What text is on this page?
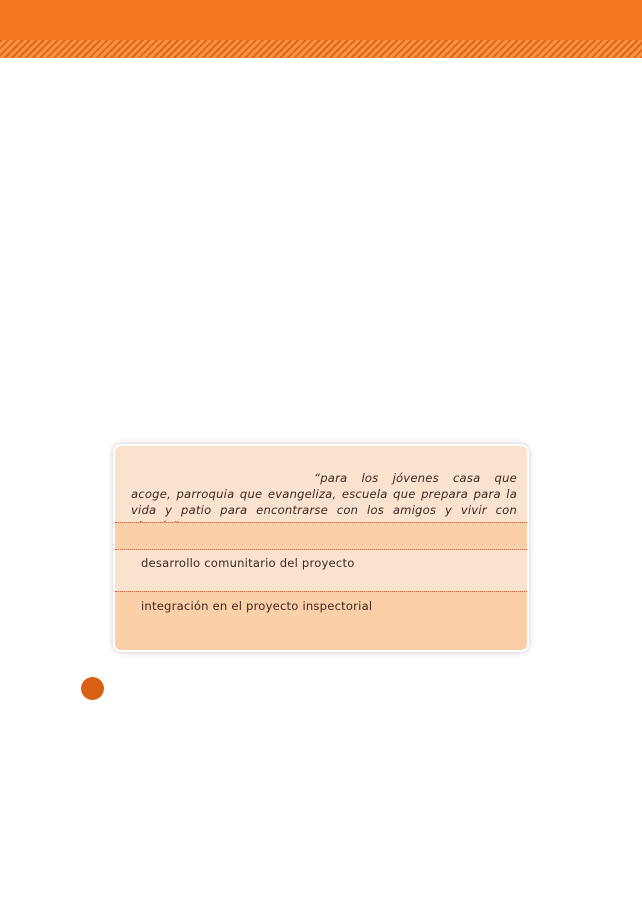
“para los jóvenes casa que acoge, parroquia que evangeliza, escuela que prepara para la vida y patio para encontrarse con los amigos y vivir con
desarrollo comunitario del proyecto
integración en el proyecto inspectorial
